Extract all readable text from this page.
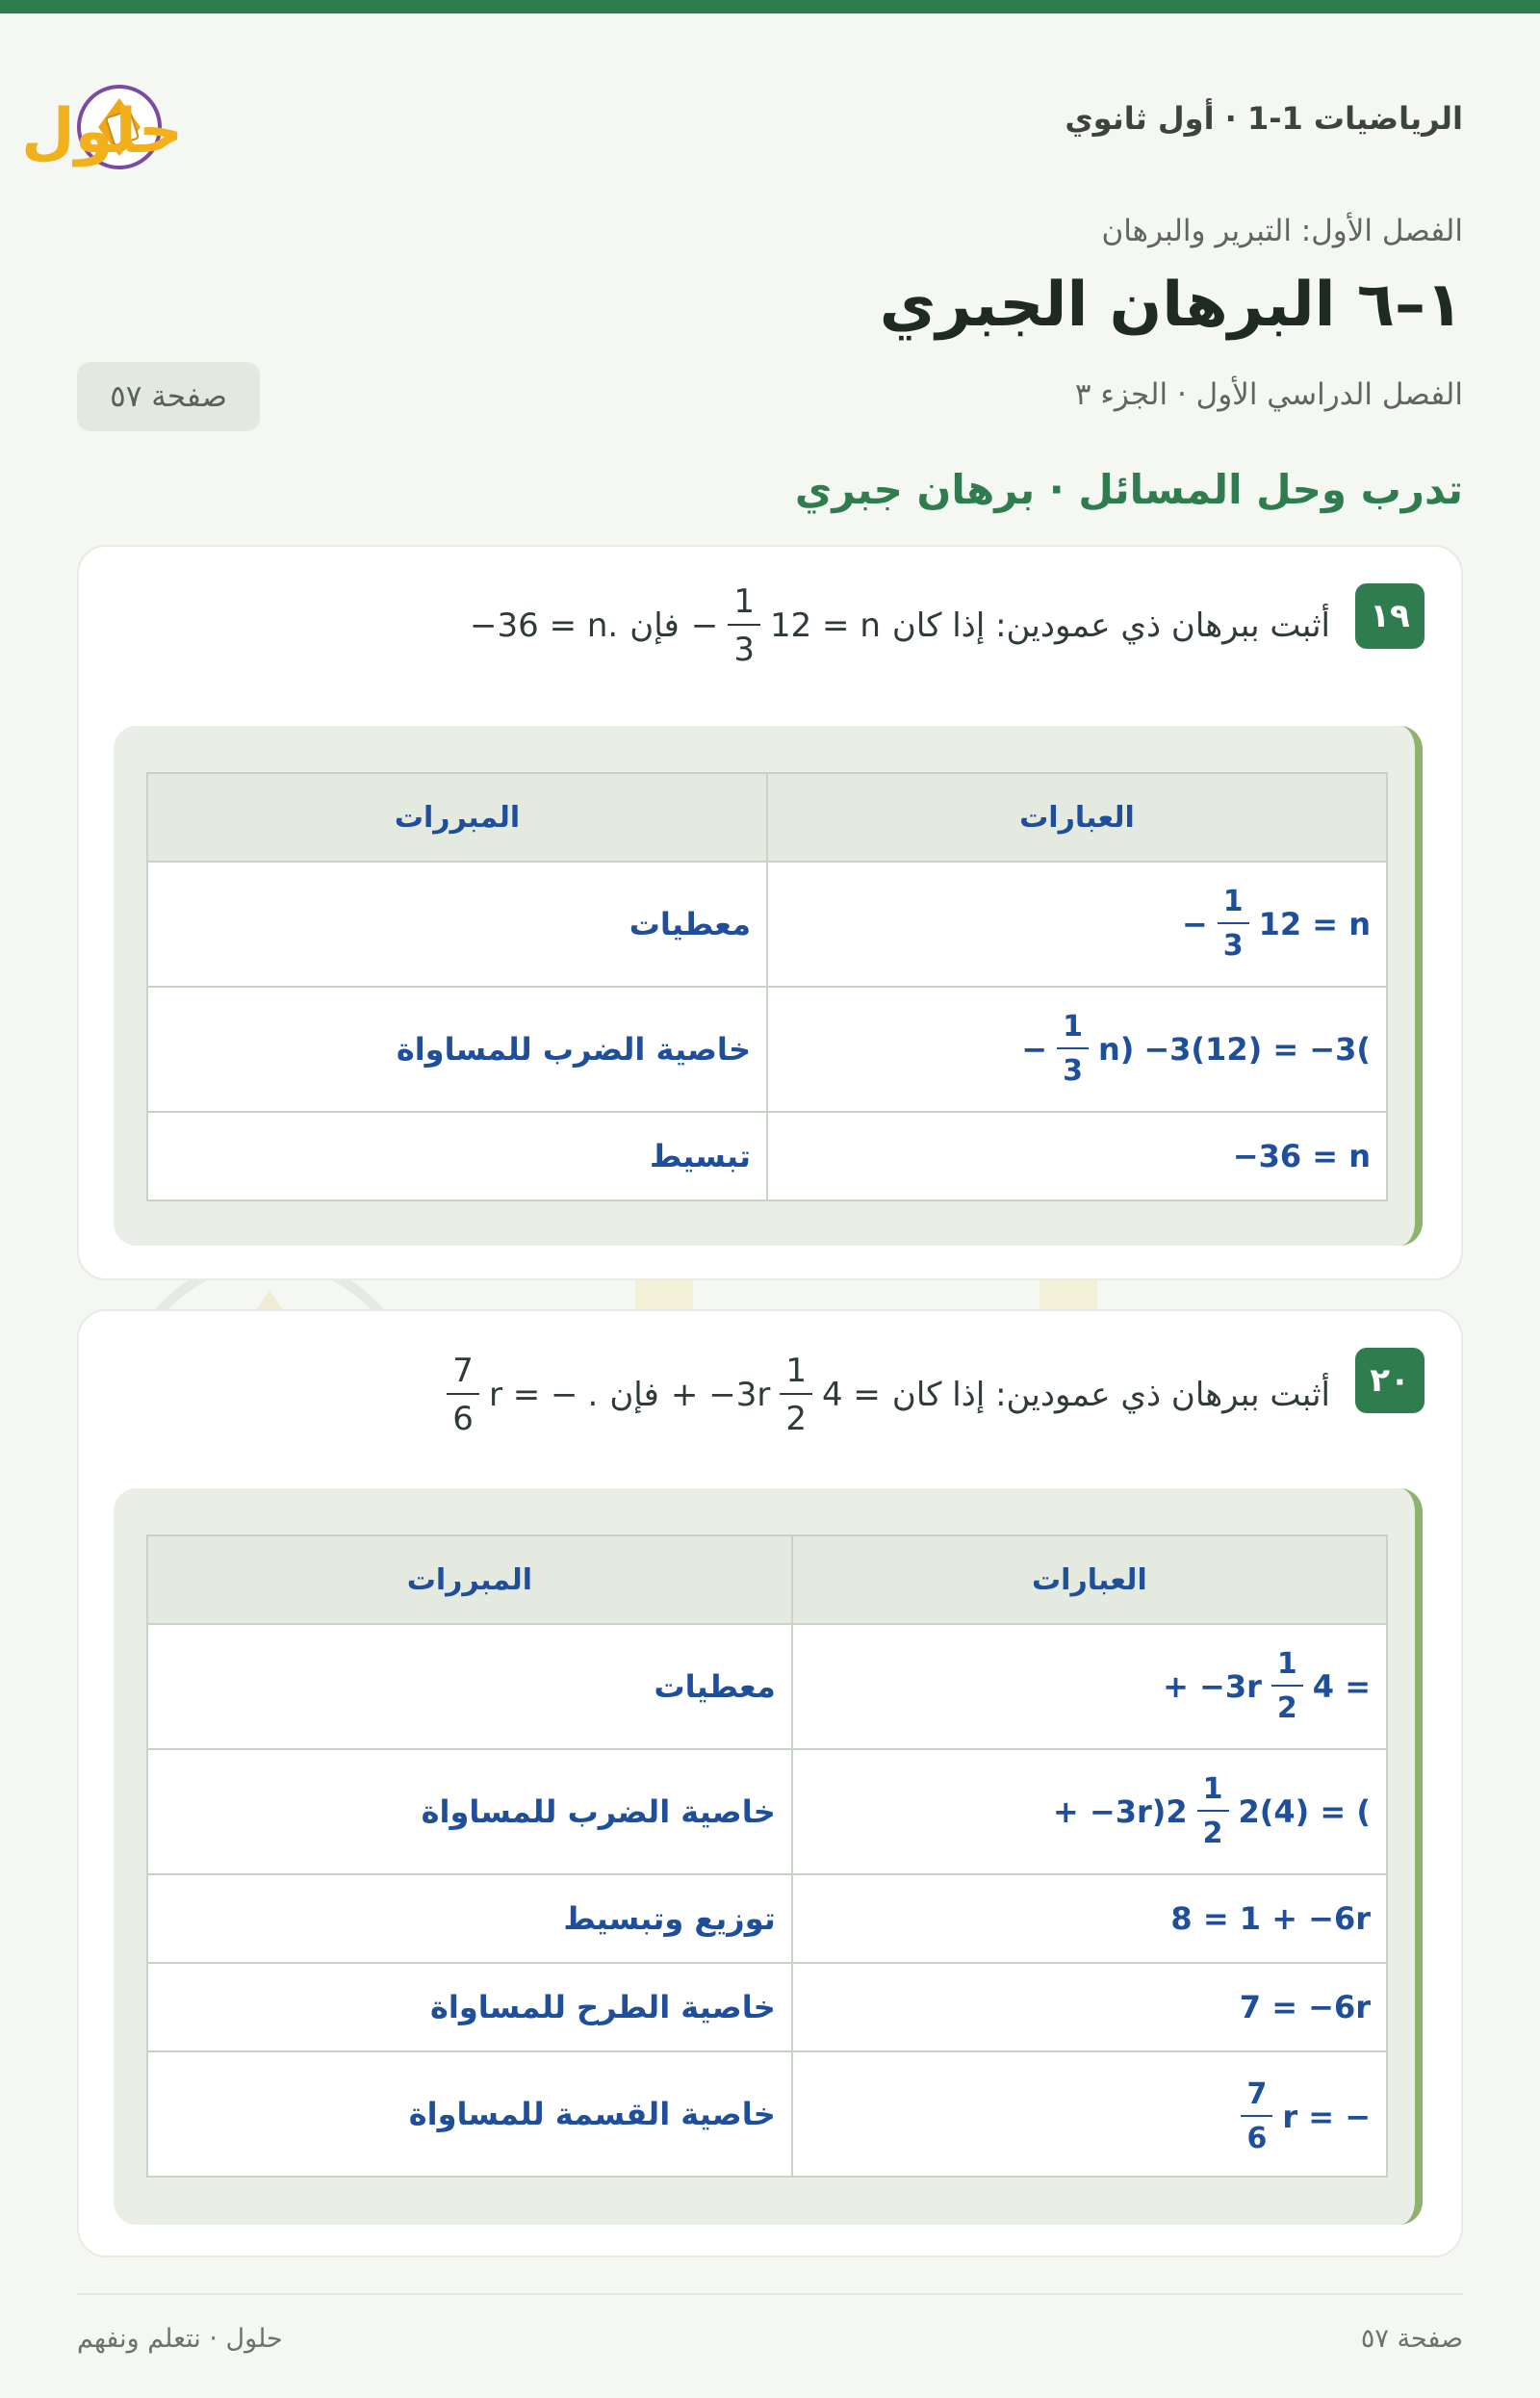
الرياضيات 1-1 · أول ثانوي
حلول
الفصل الأول: التبرير والبرهان
١–٦ البرهان الجبري
الفصل الدراسي الأول · الجزء ٣
صفحة ٥٧
تدرب وحل المسائل · برهان جبري
١٩
أثبت ببرهان ذي عمودين: إذا كان
− $\frac{1}{3} 12 = n$
فإن
−36 = n.
العبارات	المبررات

− $\frac{1}{3} 12 = n$	معطيات

− $\frac{1}{3} n) -3(12) = -3$(	خاصية الضرب للمساواة
−36 = n	تبسيط
٢٠
أثبت ببرهان ذي عمودين: إذا كان
+ $-3r \frac{1}{2} 4$ =
فإن
$\frac{7}{6}$ r = − .
العبارات	المبررات

+ $-3r \frac{1}{2} 4$ =	معطيات

+ $-3r)2 \frac{1}{2} 2(4)$ = (	خاصية الضرب للمساواة
8 = 1 + −6r	توزيع وتبسيط
7 = −6r	خاصية الطرح للمساواة

$\frac{7}{6}$ r = −	خاصية القسمة للمساواة
صفحة ٥٧
حلول · نتعلم ونفهم
